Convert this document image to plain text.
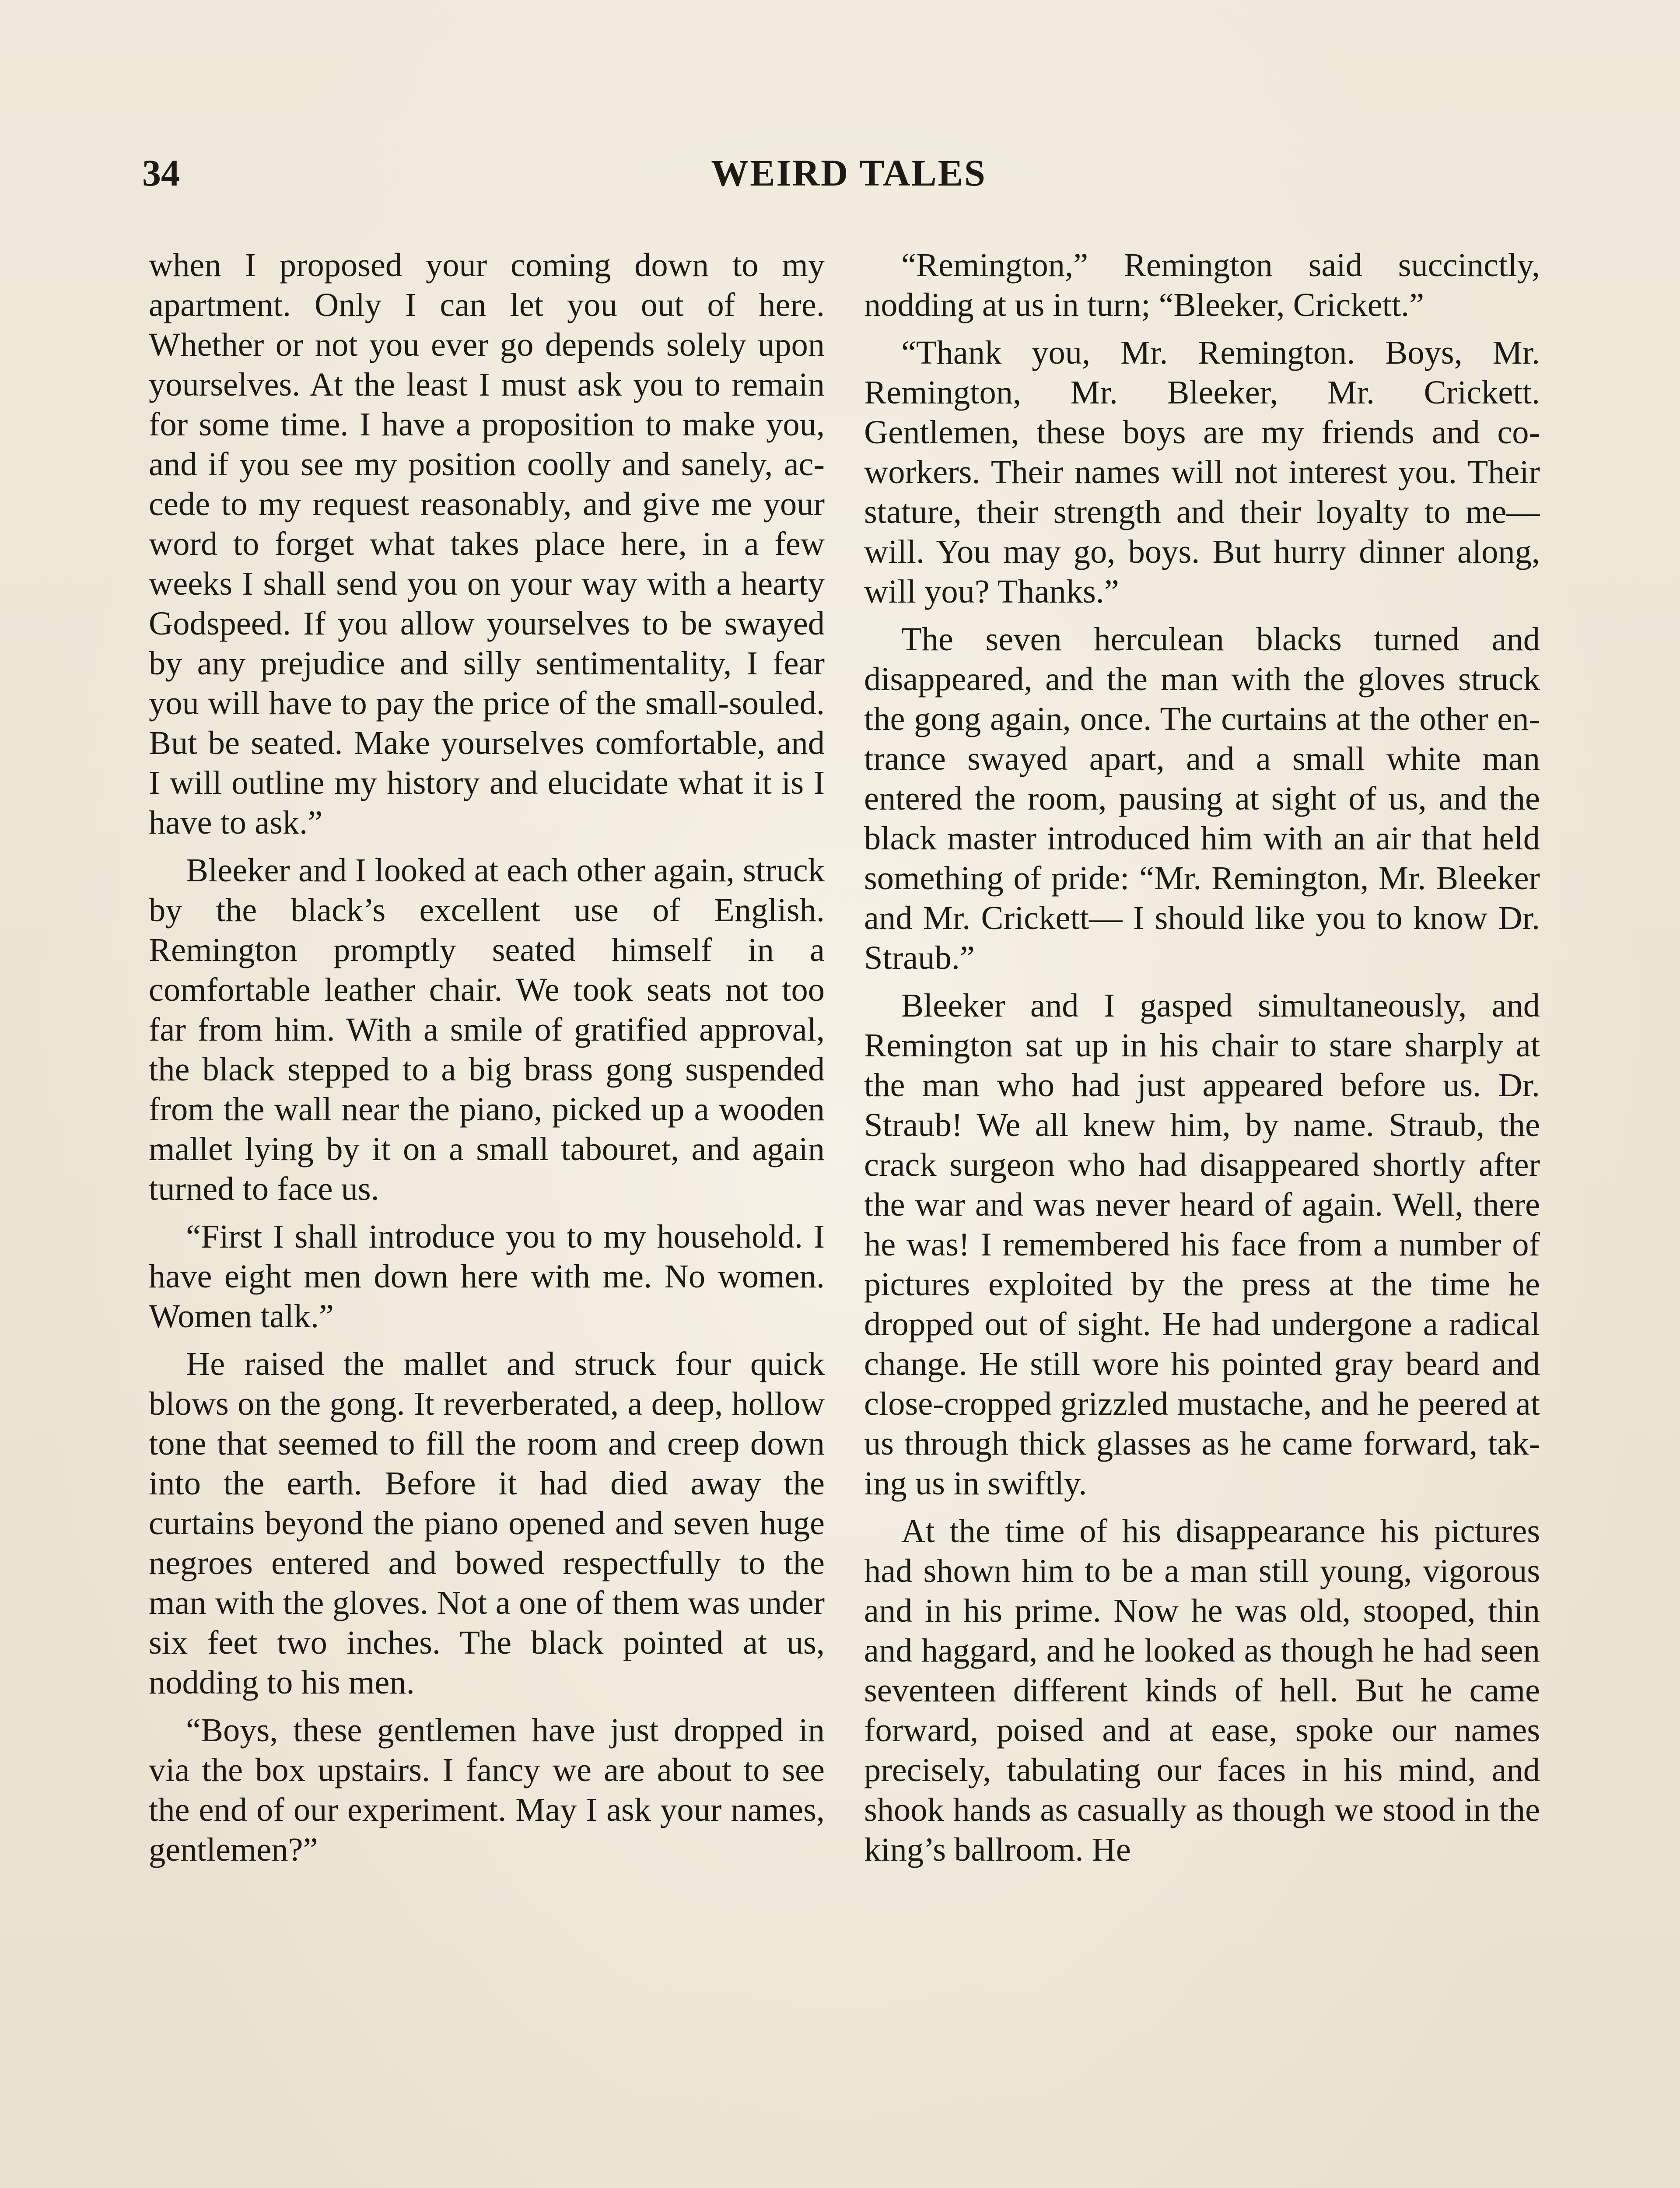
34	WEIRD TALES

when I proposed your coming down to my apartment. Only I can let you out of here. Whether or not you ever go depends solely upon yourselves. At the least I must ask you to remain for some time. I have a proposition to make you, and if you see my position coolly and sanely, accede to my request reasonably, and give me your word to forget what takes place here, in a few weeks I shall send you on your way with a hearty Godspeed. If you allow yourselves to be swayed by any prejudice and silly sentimentality, I fear you will have to pay the price of the small-souled. But be seated. Make yourselves comfortable, and I will outline my history and elucidate what it is I have to ask.”

Bleeker and I looked at each other again, struck by the black’s excellent use of English. Remington promptly seated himself in a comfortable leather chair. We took seats not too far from him. With a smile of gratified approval, the black stepped to a big brass gong suspended from the wall near the piano, picked up a wooden mallet lying by it on a small tabouret, and again turned to face us.

“First I shall introduce you to my household. I have eight men down here with me. No women. Women talk.”

He raised the mallet and struck four quick blows on the gong. It reverberated, a deep, hollow tone that seemed to fill the room and creep down into the earth. Before it had died away the curtains beyond the piano opened and seven huge negroes entered and bowed respectfully to the man with the gloves. Not a one of them was under six feet two inches. The black pointed at us, nodding to his men.

“Boys, these gentlemen have just dropped in via the box upstairs. I fancy we are about to see the end of our experiment. May I ask your names, gentlemen?”

“Remington,” Remington said succinctly, nodding at us in turn; “Bleeker, Crickett.”

“Thank you, Mr. Remington. Boys, Mr. Remington, Mr. Bleeker, Mr. Crickett. Gentlemen, these boys are my friends and co-workers. Their names will not interest you. Their stature, their strength and their loyalty to me—will. You may go, boys. But hurry dinner along, will you? Thanks.”

The seven herculean blacks turned and disappeared, and the man with the gloves struck the gong again, once. The curtains at the other entrance swayed apart, and a small white man entered the room, pausing at sight of us, and the black master introduced him with an air that held something of pride: “Mr. Remington, Mr. Bleeker and Mr. Crickett— I should like you to know Dr. Straub.”

Bleeker and I gasped simultaneously, and Remington sat up in his chair to stare sharply at the man who had just appeared before us. Dr. Straub! We all knew him, by name. Straub, the crack surgeon who had disappeared shortly after the war and was never heard of again. Well, there he was! I remembered his face from a number of pictures exploited by the press at the time he dropped out of sight. He had undergone a radical change. He still wore his pointed gray beard and close-cropped grizzled mustache, and he peered at us through thick glasses as he came forward, taking us in swiftly.

At the time of his disappearance his pictures had shown him to be a man still young, vigorous and in his prime. Now he was old, stooped, thin and haggard, and he looked as though he had seen seventeen different kinds of hell. But he came forward, poised and at ease, spoke our names precisely, tabulating our faces in his mind, and shook hands as casually as though we stood in the king’s ballroom. He
